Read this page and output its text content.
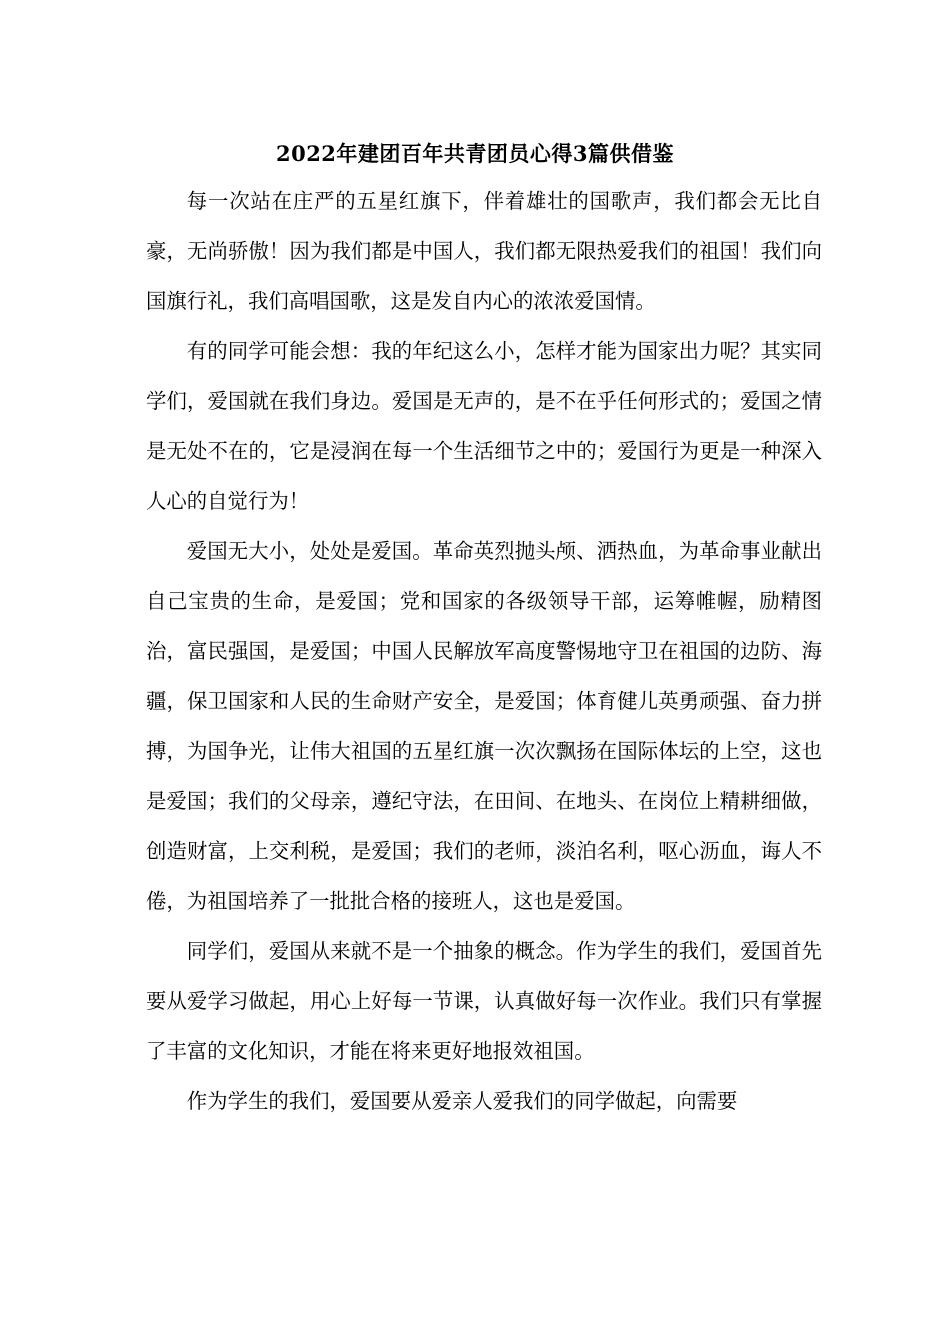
2022年建团百年共青团员心得3篇供借鉴

每一次站在庄严的五星红旗下，伴着雄壮的国歌声，我们都会无比自豪，无尚骄傲！因为我们都是中国人，我们都无限热爱我们的祖国！我们向国旗行礼，我们高唱国歌，这是发自内心的浓浓爱国情。

有的同学可能会想：我的年纪这么小，怎样才能为国家出力呢？其实同学们，爱国就在我们身边。爱国是无声的，是不在乎任何形式的；爱国之情是无处不在的，它是浸润在每一个生活细节之中的；爱国行为更是一种深入人心的自觉行为！

爱国无大小，处处是爱国。革命英烈抛头颅、洒热血，为革命事业献出自己宝贵的生命，是爱国；党和国家的各级领导干部，运筹帷幄，励精图治，富民强国，是爱国；中国人民解放军高度警惕地守卫在祖国的边防、海疆，保卫国家和人民的生命财产安全，是爱国；体育健儿英勇顽强、奋力拼搏，为国争光，让伟大祖国的五星红旗一次次飘扬在国际体坛的上空，这也是爱国；我们的父母亲，遵纪守法，在田间、在地头、在岗位上精耕细做，创造财富，上交利税，是爱国；我们的老师，淡泊名利，呕心沥血，诲人不倦，为祖国培养了一批批合格的接班人，这也是爱国。

同学们，爱国从来就不是一个抽象的概念。作为学生的我们，爱国首先要从爱学习做起，用心上好每一节课，认真做好每一次作业。我们只有掌握了丰富的文化知识，才能在将来更好地报效祖国。

作为学生的我们，爱国要从爱亲人爱我们的同学做起，向需要
